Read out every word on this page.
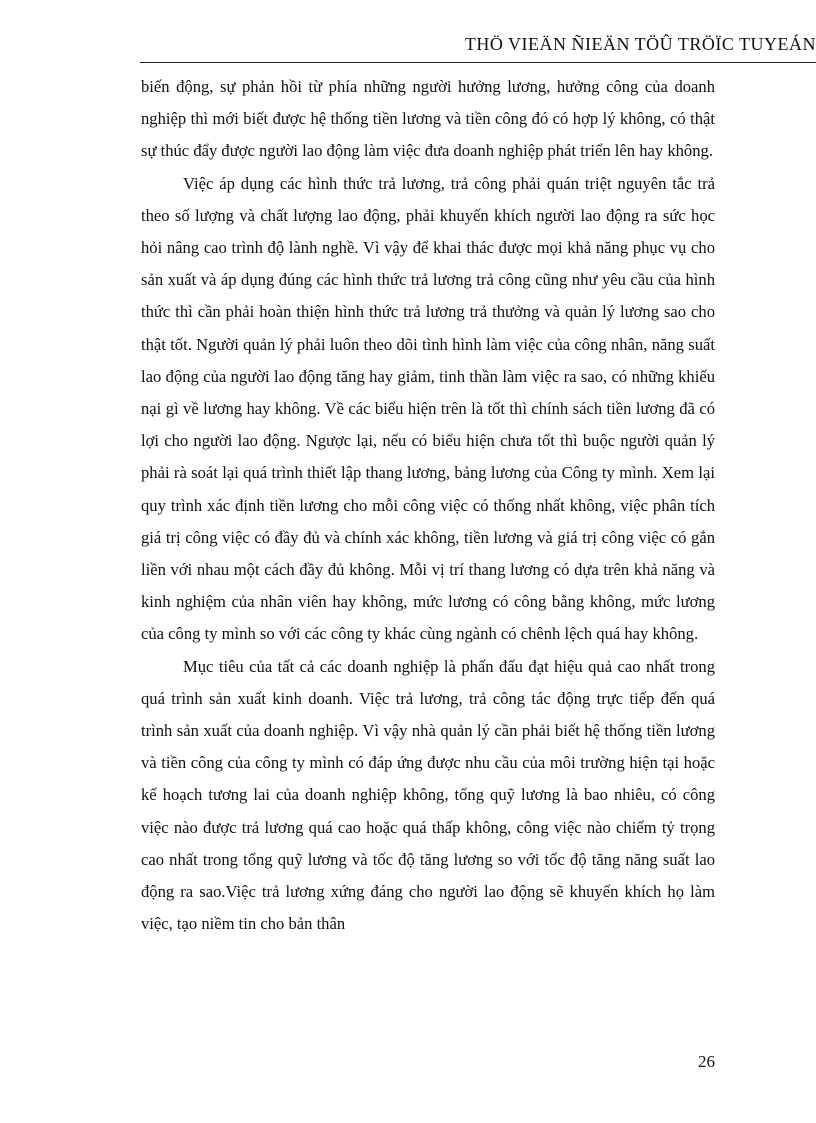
THÖ VIEÄN ÑIEÄN TÖÛ TRÖÏC TUYEÁN

biến động, sự phản hồi từ phía những người hưởng lương, hưởng công của doanh nghiệp thì mới biết được hệ thống tiền lương và tiền công đó có hợp lý không, có thật sự thúc đẩy được người lao động làm việc đưa doanh nghiệp phát triển lên hay không.

Việc áp dụng các hình thức trả lương, trả công phải quán triệt nguyên tắc trả theo số lượng và chất lượng lao động, phải khuyến khích người lao động ra sức học hỏi nâng cao trình độ lành nghề. Vì vậy để khai thác được mọi khả năng phục vụ cho sản xuất và áp dụng đúng các hình thức trả lương trả công cũng như yêu cầu của hình thức thì cần phải hoàn thiện hình thức trả lương trả thưởng và quản lý lương sao cho thật tốt. Người quản lý phải luôn theo dõi tình hình làm việc của công nhân, năng suất lao động của người lao động tăng hay giảm, tinh thần làm việc ra sao, có những khiếu nại gì về lương hay không. Về các biểu hiện trên là tốt thì chính sách tiền lương đã có lợi cho người lao động. Ngược lại, nếu có biểu hiện chưa tốt thì buộc người quản lý phải rà soát lại quá trình thiết lập thang lương, bảng lương của Công ty mình. Xem lại quy trình xác định tiền lương cho mỗi công việc có thống nhất không, việc phân tích giá trị công việc có đầy đủ và chính xác không, tiền lương và giá trị công việc có gắn liền với nhau một cách đầy đủ không. Mỗi vị trí thang lương có dựa trên khả năng và kinh nghiệm của nhân viên hay không, mức lương có công bằng không, mức lương của công ty mình so với các công ty khác cùng ngành có chênh lệch quá hay không.

Mục tiêu của tất cả các doanh nghiệp là phấn đấu đạt hiệu quả cao nhất trong quá trình sản xuất kinh doanh. Việc trả lương, trả công tác động trực tiếp đến quá trình sản xuất của doanh nghiệp. Vì vậy nhà quản lý cần phải biết hệ thống tiền lương và tiền công của công ty mình có đáp ứng được nhu cầu của môi trường hiện tại hoặc kế hoạch tương lai của doanh nghiệp không, tổng quỹ lương là bao nhiêu, có công việc nào được trả lương quá cao hoặc quá thấp không, công việc nào chiếm tỷ trọng cao nhất trong tổng quỹ lương và tốc độ tăng lương so với tốc độ tăng năng suất lao động ra sao.Việc trả lương xứng đáng cho người lao động sẽ khuyến khích họ làm việc, tạo niềm tin cho bản thân

26
